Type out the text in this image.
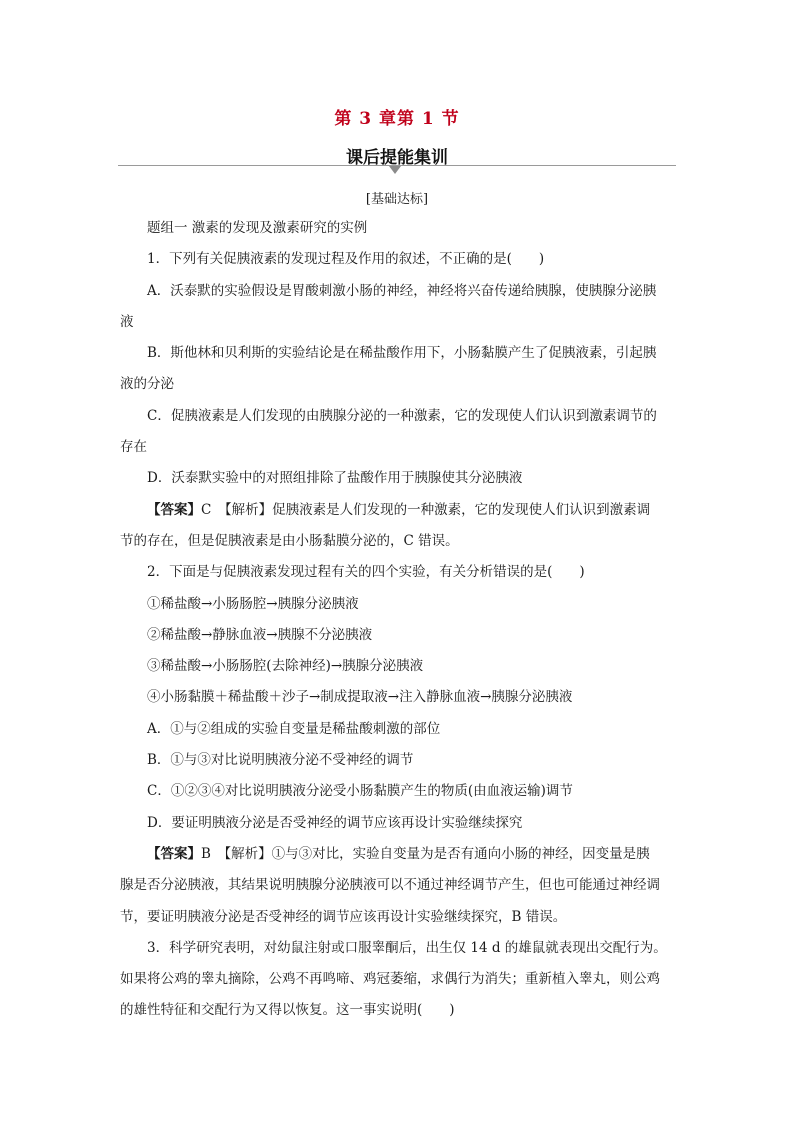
第 3 章第 1 节
课后提能集训
[基础达标]

题组一 激素的发现及激素研究的实例

1．下列有关促胰液素的发现过程及作用的叙述，不正确的是(　　)

A．沃泰默的实验假设是胃酸刺激小肠的神经，神经将兴奋传递给胰腺，使胰腺分泌胰

液

B．斯他林和贝利斯的实验结论是在稀盐酸作用下，小肠黏膜产生了促胰液素，引起胰

液的分泌

C．促胰液素是人们发现的由胰腺分泌的一种激素，它的发现使人们认识到激素调节的

存在

D．沃泰默实验中的对照组排除了盐酸作用于胰腺使其分泌胰液

【答案】C　【解析】促胰液素是人们发现的一种激素，它的发现使人们认识到激素调

节的存在，但是促胰液素是由小肠黏膜分泌的，C 错误。

2．下面是与促胰液素发现过程有关的四个实验，有关分析错误的是(　　)

①稀盐酸→小肠肠腔→胰腺分泌胰液

②稀盐酸→静脉血液→胰腺不分泌胰液

③稀盐酸→小肠肠腔(去除神经)→胰腺分泌胰液

④小肠黏膜＋稀盐酸＋沙子→制成提取液→注入静脉血液→胰腺分泌胰液

A．①与②组成的实验自变量是稀盐酸刺激的部位

B．①与③对比说明胰液分泌不受神经的调节

C．①②③④对比说明胰液分泌受小肠黏膜产生的物质(由血液运输)调节

D．要证明胰液分泌是否受神经的调节应该再设计实验继续探究

【答案】B　【解析】①与③对比，实验自变量为是否有通向小肠的神经，因变量是胰

腺是否分泌胰液，其结果说明胰腺分泌胰液可以不通过神经调节产生，但也可能通过神经调

节，要证明胰液分泌是否受神经的调节应该再设计实验继续探究，B 错误。

3．科学研究表明，对幼鼠注射或口服睾酮后，出生仅 14 d 的雄鼠就表现出交配行为。

如果将公鸡的睾丸摘除，公鸡不再鸣啼、鸡冠萎缩，求偶行为消失；重新植入睾丸，则公鸡

的雄性特征和交配行为又得以恢复。这一事实说明(　　)
